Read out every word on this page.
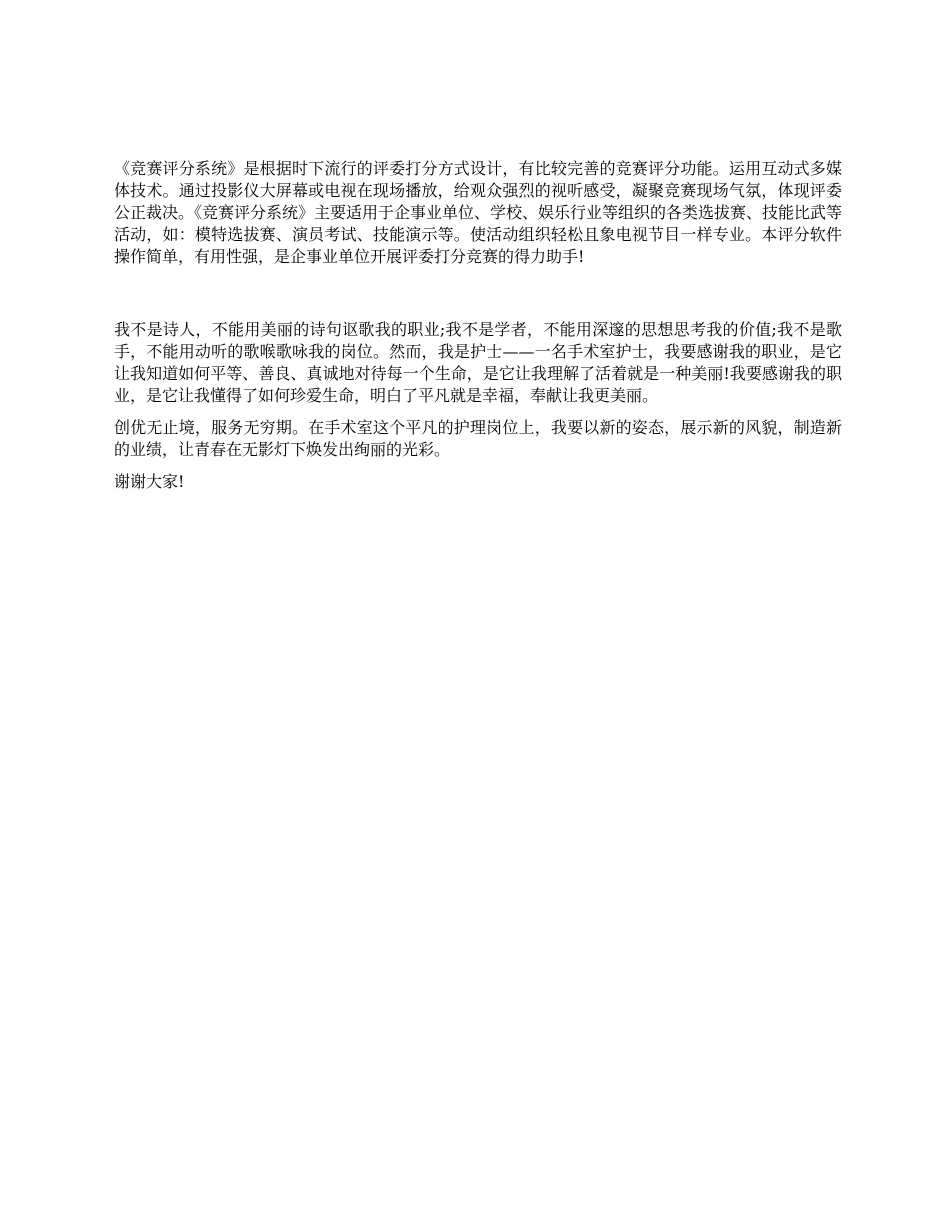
《竞赛评分系统》是根据时下流行的评委打分方式设计，有比较完善的竞赛评分功能。运用互动式多媒体技术。通过投影仪大屏幕或电视在现场播放，给观众强烈的视听感受，凝聚竞赛现场气氛，体现评委公正裁决。《竞赛评分系统》主要适用于企事业单位、学校、娱乐行业等组织的各类选拔赛、技能比武等活动，如：模特选拔赛、演员考试、技能演示等。使活动组织轻松且象电视节目一样专业。本评分软件操作简单，有用性强，是企事业单位开展评委打分竞赛的得力助手!

我不是诗人，不能用美丽的诗句讴歌我的职业;我不是学者，不能用深邃的思想思考我的价值;我不是歌手，不能用动听的歌喉歌咏我的岗位。然而，我是护士——一名手术室护士，我要感谢我的职业，是它让我知道如何平等、善良、真诚地对待每一个生命，是它让我理解了活着就是一种美丽!我要感谢我的职业，是它让我懂得了如何珍爱生命，明白了平凡就是幸福，奉献让我更美丽。

创优无止境，服务无穷期。在手术室这个平凡的护理岗位上，我要以新的姿态，展示新的风貌，制造新的业绩，让青春在无影灯下焕发出绚丽的光彩。

谢谢大家!
